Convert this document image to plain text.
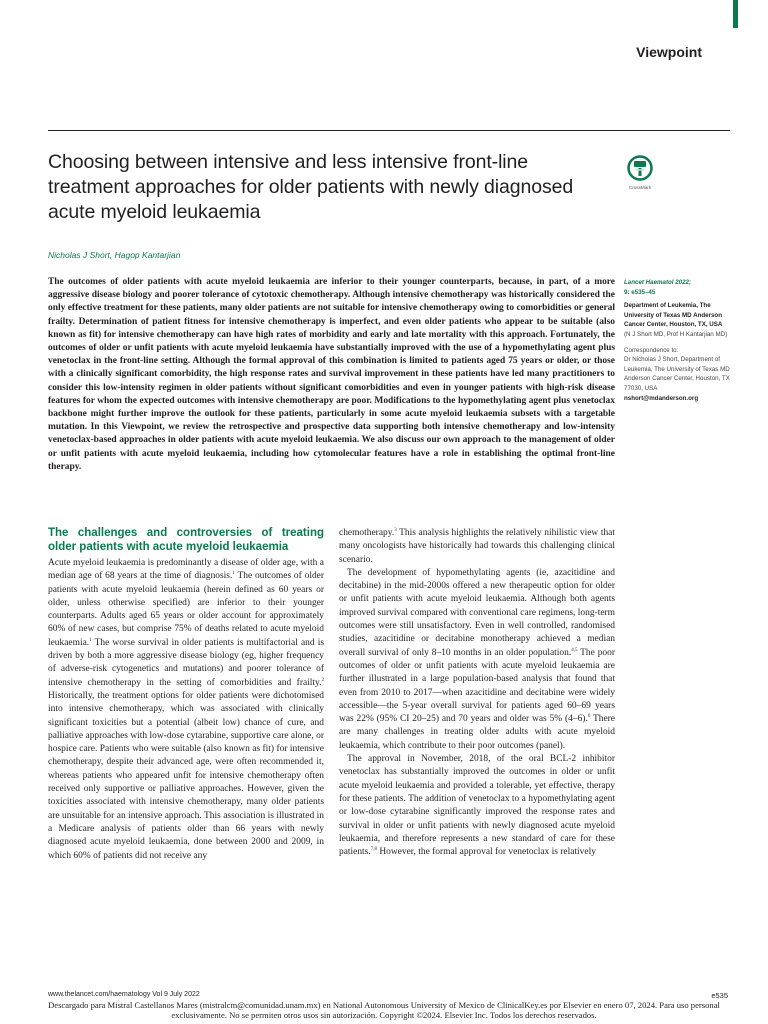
Viewpoint
Choosing between intensive and less intensive front-line treatment approaches for older patients with newly diagnosed acute myeloid leukaemia
CrossMark
Nicholas J Short, Hagop Kantarjian

The outcomes of older patients with acute myeloid leukaemia are inferior to their younger counterparts, because, in part, of a more aggressive disease biology and poorer tolerance of cytotoxic chemotherapy. Although intensive chemotherapy was historically considered the only effective treatment for these patients, many older patients are not suitable for intensive chemotherapy owing to comorbidities or general frailty. Determination of patient fitness for intensive chemotherapy is imperfect, and even older patients who appear to be suitable (also known as fit) for intensive chemotherapy can have high rates of morbidity and early and late mortality with this approach. Fortunately, the outcomes of older or unfit patients with acute myeloid leukaemia have substantially improved with the use of a hypomethylating agent plus venetoclax in the front-line setting. Although the formal approval of this combination is limited to patients aged 75 years or older, or those with a clinically significant comorbidity, the high response rates and survival improvement in these patients have led many practitioners to consider this low-intensity regimen in older patients without significant comorbidities and even in younger patients with high-risk disease features for whom the expected outcomes with intensive chemotherapy are poor. Modifications to the hypomethylating agent plus venetoclax backbone might further improve the outlook for these patients, particularly in some acute myeloid leukaemia subsets with a targetable mutation. In this Viewpoint, we review the retrospective and prospective data supporting both intensive chemotherapy and low-intensity venetoclax-based approaches in older patients with acute myeloid leukaemia. We also discuss our own approach to the management of older or unfit patients with acute myeloid leukaemia, including how cytomolecular features have a role in establishing the optimal front-line therapy.

Lancet Haematol 2022;
9: e535–45
Department of Leukemia, The University of Texas MD Anderson Cancer Center, Houston, TX, USA
(N J Short MD, Prof H Kantarjian MD)
Correspondence to:
Dr Nicholas J Short, Department of Leukemia, The University of Texas MD Anderson Cancer Center, Houston, TX 77030, USA
nshort@mdanderson.org
The challenges and controversies of treating older patients with acute myeloid leukaemia

Acute myeloid leukaemia is predominantly a disease of older age, with a median age of 68 years at the time of diagnosis.$^1$ The outcomes of older patients with acute myeloid leukaemia (herein defined as 60 years or older, unless otherwise specified) are inferior to their younger counterparts. Adults aged 65 years or older account for approximately 60% of new cases, but comprise 75% of deaths related to acute myeloid leukaemia.$^1$ The worse survival in older patients is multifactorial and is driven by both a more aggressive disease biology (eg, higher frequency of adverse-risk cytogenetics and mutations) and poorer tolerance of intensive chemotherapy in the setting of comorbidities and frailty.$^2$ Historically, the treatment options for older patients were dichotomised into intensive chemotherapy, which was associated with clinically significant toxicities but a potential (albeit low) chance of cure, and palliative approaches with low-dose cytarabine, supportive care alone, or hospice care. Patients who were suitable (also known as fit) for intensive chemotherapy, despite their advanced age, were often recommended it, whereas patients who appeared unfit for intensive chemotherapy often received only supportive or palliative approaches. However, given the toxicities associated with intensive chemotherapy, many older patients are unsuitable for an intensive approach. This association is illustrated in a Medicare analysis of patients older than 66 years with newly diagnosed acute myeloid leukaemia, done between 2000 and 2009, in which 60% of patients did not receive any

chemotherapy.$^3$ This analysis highlights the relatively nihilistic view that many oncologists have historically had towards this challenging clinical scenario.

The development of hypomethylating agents (ie, azacitidine and decitabine) in the mid-2000s offered a new therapeutic option for older or unfit patients with acute myeloid leukaemia. Although both agents improved survival compared with conventional care regimens, long-term outcomes were still unsatisfactory. Even in well controlled, randomised studies, azacitidine or decitabine monotherapy achieved a median overall survival of only 8–10 months in an older population.$^{4,5}$ The poor outcomes of older or unfit patients with acute myeloid leukaemia are further illustrated in a large population-based analysis that found that even from 2010 to 2017—when azacitidine and decitabine were widely accessible—the 5-year overall survival for patients aged 60–69 years was 22% (95% CI 20–25) and 70 years and older was 5% (4–6).$^6$ There are many challenges in treating older adults with acute myeloid leukaemia, which contribute to their poor outcomes (panel).

The approval in November, 2018, of the oral BCL-2 inhibitor venetoclax has substantially improved the outcomes in older or unfit acute myeloid leukaemia and provided a tolerable, yet effective, therapy for these patients. The addition of venetoclax to a hypomethylating agent or low-dose cytarabine significantly improved the response rates and survival in older or unfit patients with newly diagnosed acute myeloid leukaemia, and therefore represents a new standard of care for these patients.$^{7,8}$ However, the formal approval for venetoclax is relatively

www.thelancet.com/haematology Vol 9 July 2022	e535
Descargado para Mistral Castellanos Mares (mistralcm@comunidad.unam.mx) en National Autonomous University of Mexico de ClinicalKey.es por Elsevier en enero 07, 2024. Para uso personal exclusivamente. No se permiten otros usos sin autorización. Copyright ©2024. Elsevier Inc. Todos los derechos reservados.
